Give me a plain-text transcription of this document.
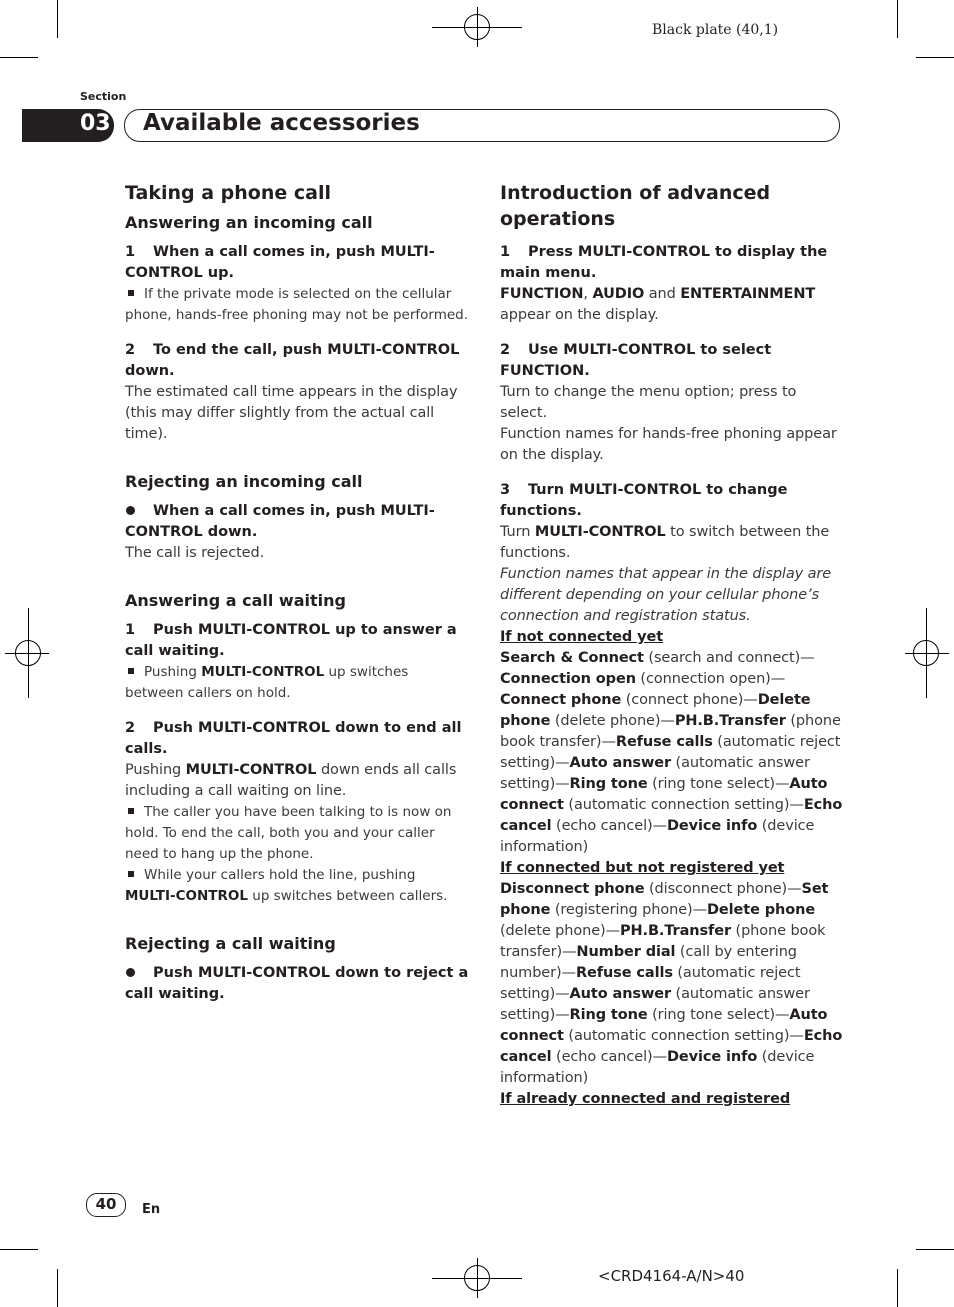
Black plate (40,1)
Section
03 Available accessories

Taking a phone call

Answering an incoming call

1 When a call comes in, push MULTI-CONTROL up.

If the private mode is selected on the cellular phone, hands-free phoning may not be performed.

2 To end the call, push MULTI-CONTROL down.

The estimated call time appears in the display (this may differ slightly from the actual call time).

Rejecting an incoming call

When a call comes in, push MULTI-CONTROL down.

The call is rejected.

Answering a call waiting

1 Push MULTI-CONTROL up to answer a call waiting.

Pushing MULTI-CONTROL up switches between callers on hold.

2 Push MULTI-CONTROL down to end all calls.

Pushing MULTI-CONTROL down ends all calls including a call waiting on line.

The caller you have been talking to is now on hold. To end the call, both you and your caller need to hang up the phone.

While your callers hold the line, pushing MULTI-CONTROL up switches between callers.

Rejecting a call waiting

Push MULTI-CONTROL down to reject a call waiting.

Introduction of advanced operations

1 Press MULTI-CONTROL to display the main menu.

FUNCTION, AUDIO and ENTERTAINMENT appear on the display.

2 Use MULTI-CONTROL to select FUNCTION.

Turn to change the menu option; press to select.

Function names for hands-free phoning appear on the display.

3 Turn MULTI-CONTROL to change functions.

Turn MULTI-CONTROL to switch between the functions.

Function names that appear in the display are different depending on your cellular phone’s connection and registration status.

If not connected yet

Search & Connect (search and connect)—Connection open (connection open)—Connect phone (connect phone)—Delete phone (delete phone)—PH.B.Transfer (phone book transfer)—Refuse calls (automatic reject setting)—Auto answer (automatic answer setting)—Ring tone (ring tone select)—Auto connect (automatic connection setting)—Echo cancel (echo cancel)—Device info (device information)

If connected but not registered yet

Disconnect phone (disconnect phone)—Set phone (registering phone)—Delete phone (delete phone)—PH.B.Transfer (phone book transfer)—Number dial (call by entering number)—Refuse calls (automatic reject setting)—Auto answer (automatic answer setting)—Ring tone (ring tone select)—Auto connect (automatic connection setting)—Echo cancel (echo cancel)—Device info (device information)

If already connected and registered

40	En
<CRD4164-A/N>40
